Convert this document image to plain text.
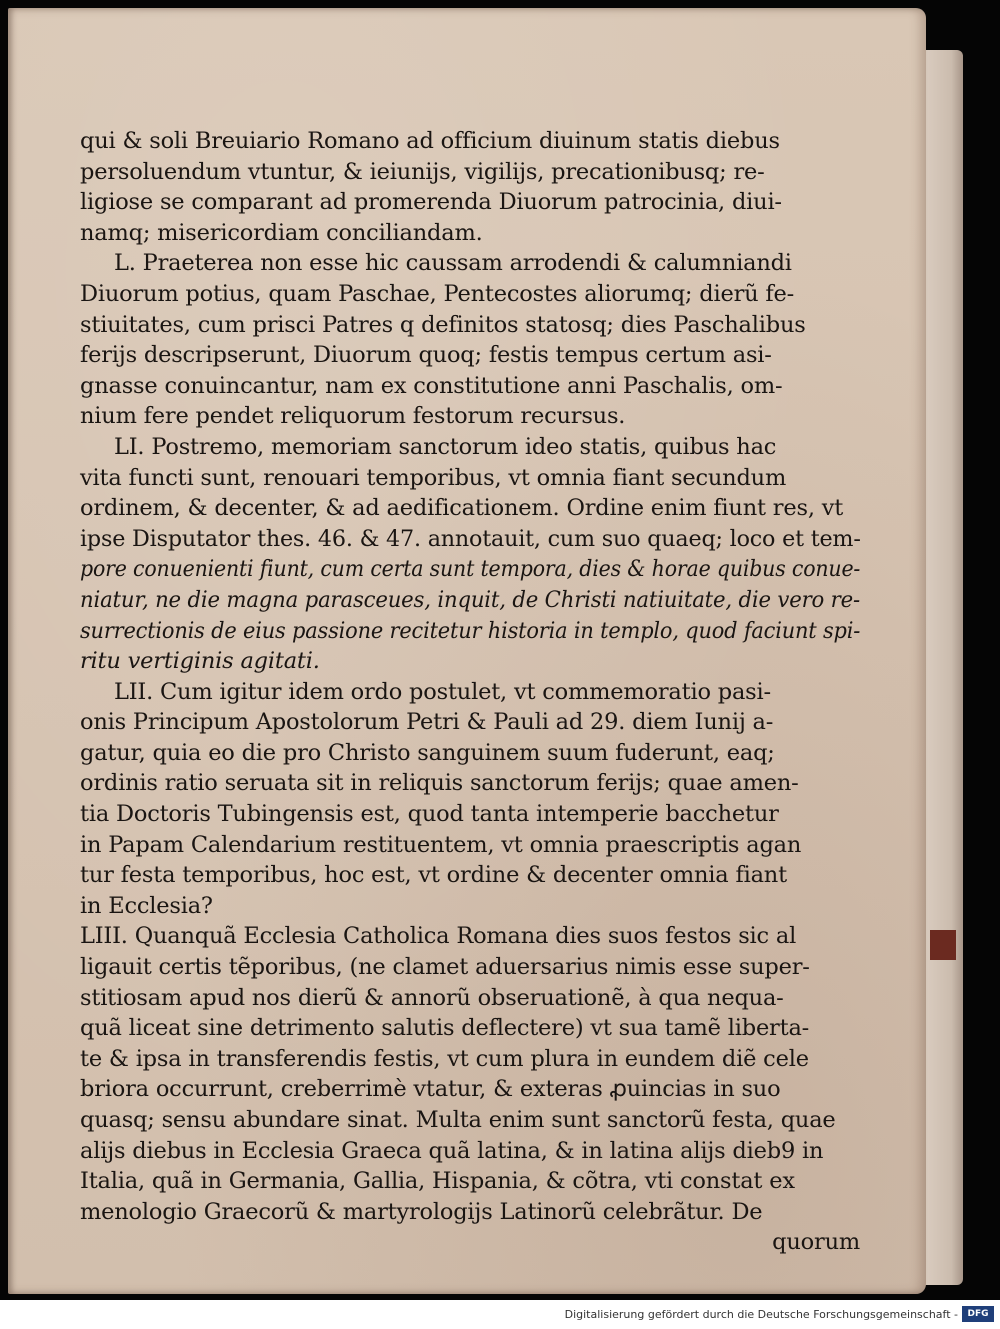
qui & soli Breuiario Romano ad officium diuinum statis diebus
persoluendum vtuntur, & ieiunijs, vigilijs, precationibusq; re-
ligiose se comparant ad promerenda Diuorum patrocinia, diui-
namq; misericordiam conciliandam.
L. Praeterea non esse hic caussam arrodendi & calumniandi
Diuorum potius, quam Paschae, Pentecostes aliorumq; dierũ fe-
stiuitates, cum prisci Patres q definitos statosq; dies Paschalibus
ferijs descripserunt, Diuorum quoq; festis tempus certum asi-
gnasse conuincantur, nam ex constitutione anni Paschalis, om-
nium fere pendet reliquorum festorum recursus.
LI. Postremo, memoriam sanctorum ideo statis, quibus hac
vita functi sunt, renouari temporibus, vt omnia fiant secundum
ordinem, & decenter, & ad aedificationem. Ordine enim fiunt res, vt
ipse Disputator thes. 46. & 47. annotauit, cum suo quaeq; loco et tem-
pore conuenienti fiunt, cum certa sunt tempora, dies & horae quibus conue-
niatur, ne die magna parasceues, inquit, de Christi natiuitate, die vero re-
surrectionis de eius passione recitetur historia in templo, quod faciunt spi-
ritu vertiginis agitati.
LII. Cum igitur idem ordo postulet, vt commemoratio pasi-
onis Principum Apostolorum Petri & Pauli ad 29. diem Iunij a-
gatur, quia eo die pro Christo sanguinem suum fuderunt, eaq;
ordinis ratio seruata sit in reliquis sanctorum ferijs; quae amen-
tia Doctoris Tubingensis est, quod tanta intemperie bacchetur
in Papam Calendarium restituentem, vt omnia praescriptis agan
tur festa temporibus, hoc est, vt ordine & decenter omnia fiant
in Ecclesia?
LIII. Quanquã Ecclesia Catholica Romana dies suos festos sic al
ligauit certis tẽporibus, (ne clamet aduersarius nimis esse super-
stitiosam apud nos dierũ & annorũ obseruationẽ, à qua nequa-
quã liceat sine detrimento salutis deflectere) vt sua tamẽ liberta-
te & ipsa in transferendis festis, vt cum plura in eundem diẽ cele
briora occurrunt, creberrimè vtatur, & exteras ꝓuincias in suo
quasq; sensu abundare sinat. Multa enim sunt sanctorũ festa, quae
alijs diebus in Ecclesia Graeca quã latina, & in latina alijs dieb9 in
Italia, quã in Germania, Gallia, Hispania, & cõtra, vti constat ex
menologio Graecorũ & martyrologijs Latinorũ celebrãtur. De
quorum
Digitalisierung gefördert durch die Deutsche Forschungsgemeinschaft -	DFG
